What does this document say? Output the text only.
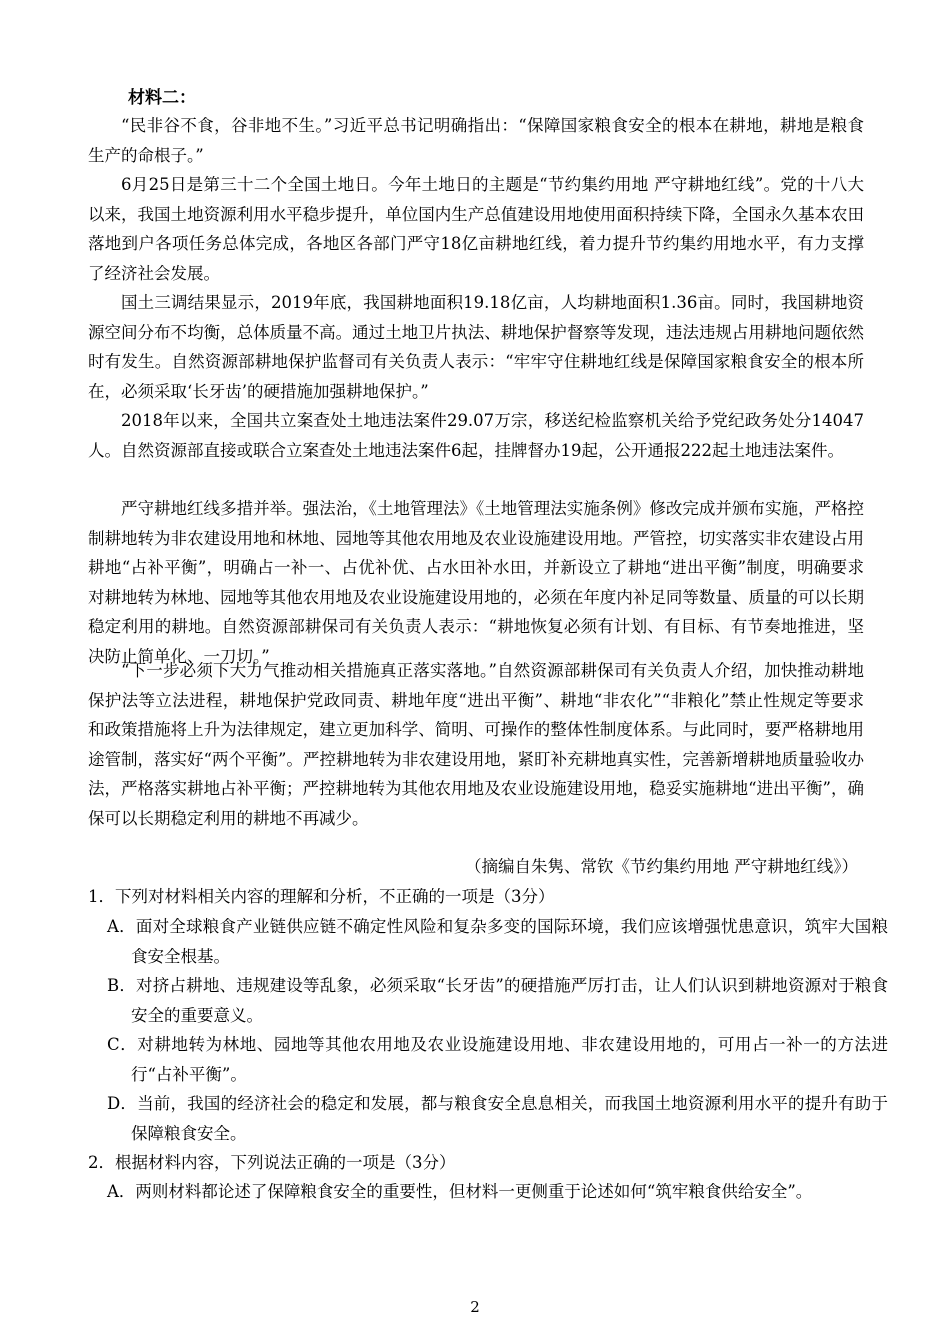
材料二：

“民非谷不食，谷非地不生。”习近平总书记明确指出：“保障国家粮食安全的根本在耕地，耕地是粮食生产的命根子。”

6月25日是第三十二个全国土地日。今年土地日的主题是“节约集约用地 严守耕地红线”。党的十八大以来，我国土地资源利用水平稳步提升，单位国内生产总值建设用地使用面积持续下降，全国永久基本农田落地到户各项任务总体完成，各地区各部门严守18亿亩耕地红线，着力提升节约集约用地水平，有力支撑了经济社会发展。

国土三调结果显示，2019年底，我国耕地面积19.18亿亩，人均耕地面积1.36亩。同时，我国耕地资源空间分布不均衡，总体质量不高。通过土地卫片执法、耕地保护督察等发现，违法违规占用耕地问题依然时有发生。自然资源部耕地保护监督司有关负责人表示：“牢牢守住耕地红线是保障国家粮食安全的根本所在，必须采取‘长牙齿’的硬措施加强耕地保护。”

2018年以来，全国共立案查处土地违法案件29.07万宗，移送纪检监察机关给予党纪政务处分14047人。自然资源部直接或联合立案查处土地违法案件6起，挂牌督办19起，公开通报222起土地违法案件。

严守耕地红线多措并举。强法治，《土地管理法》《土地管理法实施条例》修改完成并颁布实施，严格控制耕地转为非农建设用地和林地、园地等其他农用地及农业设施建设用地。严管控，切实落实非农建设占用耕地“占补平衡”，明确占一补一、占优补优、占水田补水田，并新设立了耕地“进出平衡”制度，明确要求对耕地转为林地、园地等其他农用地及农业设施建设用地的，必须在年度内补足同等数量、质量的可以长期稳定利用的耕地。自然资源部耕保司有关负责人表示：“耕地恢复必须有计划、有目标、有节奏地推进，坚决防止简单化、一刀切。”

“下一步必须下大力气推动相关措施真正落实落地。”自然资源部耕保司有关负责人介绍，加快推动耕地保护法等立法进程，耕地保护党政同责、耕地年度“进出平衡”、耕地“非农化”“非粮化”禁止性规定等要求和政策措施将上升为法律规定，建立更加科学、简明、可操作的整体性制度体系。与此同时，要严格耕地用途管制，落实好“两个平衡”。严控耕地转为非农建设用地，紧盯补充耕地真实性，完善新增耕地质量验收办法，严格落实耕地占补平衡；严控耕地转为其他农用地及农业设施建设用地，稳妥实施耕地“进出平衡”，确保可以长期稳定利用的耕地不再减少。

（摘编自朱隽、常钦《节约集约用地 严守耕地红线》）

1．下列对材料相关内容的理解和分析，不正确的一项是（3分）

A．面对全球粮食产业链供应链不确定性风险和复杂多变的国际环境，我们应该增强忧患意识，筑牢大国粮食安全根基。

B．对挤占耕地、违规建设等乱象，必须采取“长牙齿”的硬措施严厉打击，让人们认识到耕地资源对于粮食安全的重要意义。

C．对耕地转为林地、园地等其他农用地及农业设施建设用地、非农建设用地的，可用占一补一的方法进行“占补平衡”。

D．当前，我国的经济社会的稳定和发展，都与粮食安全息息相关，而我国土地资源利用水平的提升有助于保障粮食安全。

2．根据材料内容，下列说法正确的一项是（3分）

A．两则材料都论述了保障粮食安全的重要性，但材料一更侧重于论述如何“筑牢粮食供给安全”。

2
